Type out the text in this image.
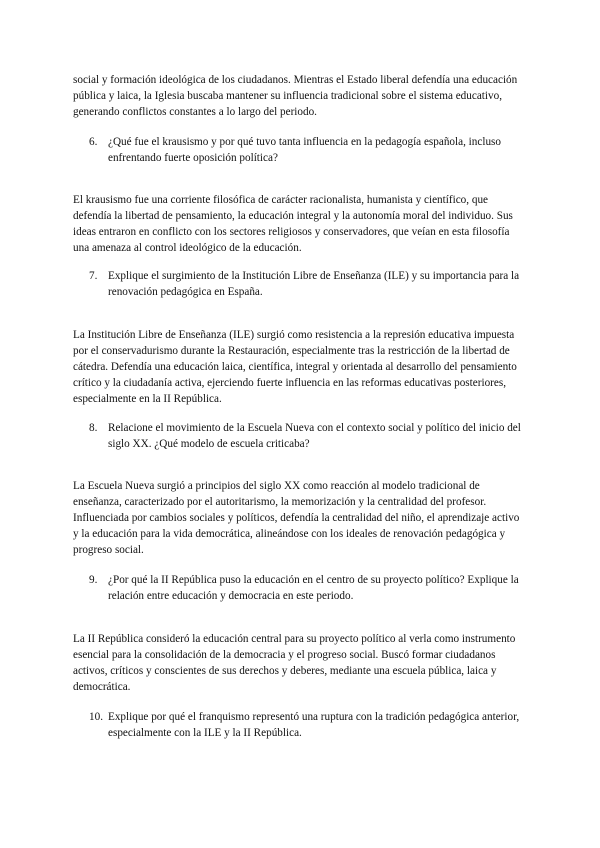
social y formación ideológica de los ciudadanos. Mientras el Estado liberal defendía una educación pública y laica, la Iglesia buscaba mantener su influencia tradicional sobre el sistema educativo, generando conflictos constantes a lo largo del periodo.

6. ¿Qué fue el krausismo y por qué tuvo tanta influencia en la pedagogía española, incluso enfrentando fuerte oposición política?

El krausismo fue una corriente filosófica de carácter racionalista, humanista y científico, que defendía la libertad de pensamiento, la educación integral y la autonomía moral del individuo. Sus ideas entraron en conflicto con los sectores religiosos y conservadores, que veían en esta filosofía una amenaza al control ideológico de la educación.

7. Explique el surgimiento de la Institución Libre de Enseñanza (ILE) y su importancia para la renovación pedagógica en España.

La Institución Libre de Enseñanza (ILE) surgió como resistencia a la represión educativa impuesta por el conservadurismo durante la Restauración, especialmente tras la restricción de la libertad de cátedra. Defendía una educación laica, científica, integral y orientada al desarrollo del pensamiento crítico y la ciudadanía activa, ejerciendo fuerte influencia en las reformas educativas posteriores, especialmente en la II República.

8. Relacione el movimiento de la Escuela Nueva con el contexto social y político del inicio del siglo XX. ¿Qué modelo de escuela criticaba?

La Escuela Nueva surgió a principios del siglo XX como reacción al modelo tradicional de enseñanza, caracterizado por el autoritarismo, la memorización y la centralidad del profesor. Influenciada por cambios sociales y políticos, defendía la centralidad del niño, el aprendizaje activo y la educación para la vida democrática, alineándose con los ideales de renovación pedagógica y progreso social.

9. ¿Por qué la II República puso la educación en el centro de su proyecto político? Explique la relación entre educación y democracia en este periodo.

La II República consideró la educación central para su proyecto político al verla como instrumento esencial para la consolidación de la democracia y el progreso social. Buscó formar ciudadanos activos, críticos y conscientes de sus derechos y deberes, mediante una escuela pública, laica y democrática.

10. Explique por qué el franquismo representó una ruptura con la tradición pedagógica anterior, especialmente con la ILE y la II República.
